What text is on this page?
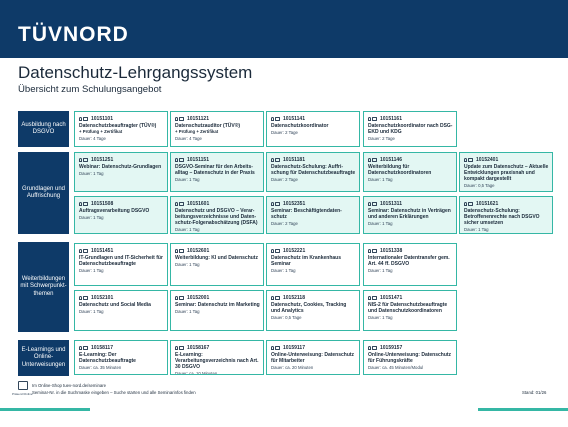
TÜVNORD
Datenschutz-Lehrgangssystem
Übersicht zum Schulungsangebot
Ausbildung nach DSGVO
Grundlagen und Auffrischung
Weiterbildungen mit Schwerpunkt-themen
E-Learnings und Online-Unterweisungen
10151101
Datenschutzbeauftragter (TÜV®)
+ Prüfung + Zertifikat
Dauer: 4 Tage
10151121
Datenschutzauditor (TÜV®)
+ Prüfung + Zertifikat
Dauer: 4 Tage
10151141
Datenschutzkoordinator
Dauer: 2 Tage
10151161
Datenschutzkoordinator nach DSG-EKD und KDG
Dauer: 2 Tage
10151251
Webinar: Datenschutz-Grundlagen
Dauer: 1 Tag
10151151
DSGVO-Seminar für den Arbeits-alltag – Datenschutz in der Praxis
Dauer: 1 Tag
10151181
Datenschutz-Schulung: Auffri-schung für Datenschutzbeauftragte
Dauer: 2 Tage
10151146
Weiterbildung für Datenschutzkoordinatoren
Dauer: 1 Tag
10152401
Update zum Datenschutz – Aktuelle Entwicklungen praxisnah und kompakt dargestellt
Dauer: 0,5 Tage
10151508
Auftragsverarbeitung DSGVO
Dauer: 1 Tag
10151601
Datenschutz und DSGVO – Verar-beitungsverzeichnisse und Daten-schutz-Folgenabschätzung (DSFA)
Dauer: 1 Tag
10152351
Seminar: Beschäftigtendaten-schutz
Dauer: 2 Tage
10151311
Seminar: Datenschutz in Verträgen und anderen Erklärungen
Dauer: 1 Tag
10151621
Datenschutz-Schulung: Betroffenenrechte nach DSGVO sicher umsetzen
Dauer: 1 Tag
10151451
IT-Grundlagen und IT-Sicherheit für Datenschutzbeauftragte
Dauer: 1 Tag
10152601
Weiterbildung: KI und Datenschutz
Dauer: 1 Tag
10152221
Datenschutz im Krankenhaus Seminar
Dauer: 1 Tag
10151338
Internationaler Datentransfer gem. Art. 44 ff. DSGVO
Dauer: 1 Tag
10152101
Datenschutz und Social Media
Dauer: 1 Tag
10152001
Seminar: Datenschutz im Marketing
Dauer: 1 Tag
10152118
Datenschutz, Cookies, Tracking und Analytics
Dauer: 0,5 Tage
10151471
NIS-2 für Datenschutzbeauftragte und Datenschutzkoordinatoren
Dauer: 1 Tag
10158117
E-Learning: Der Datenschutzbeauftragte
Dauer: ca. 35 Minuten
10158167
E-Learning: Verarbeitungsverzeichnis nach Art. 30 DSGVO
Dauer: ca. 10 Minuten
10159117
Online-Unterweisung: Datenschutz für Mitarbeiter
Dauer: ca. 20 Minuten
10159157
Online-Unterweisung: Datenschutz für Führungskräfte
Dauer: ca. 45 Minuten/Modul
Präsenz/Online
Im Online-Shop tuev-nord.de/seminare
Seminar-Nr. in die Suchmaske eingeben – Suche starten und alle Seminarinfos finden	Stand: 01/26
